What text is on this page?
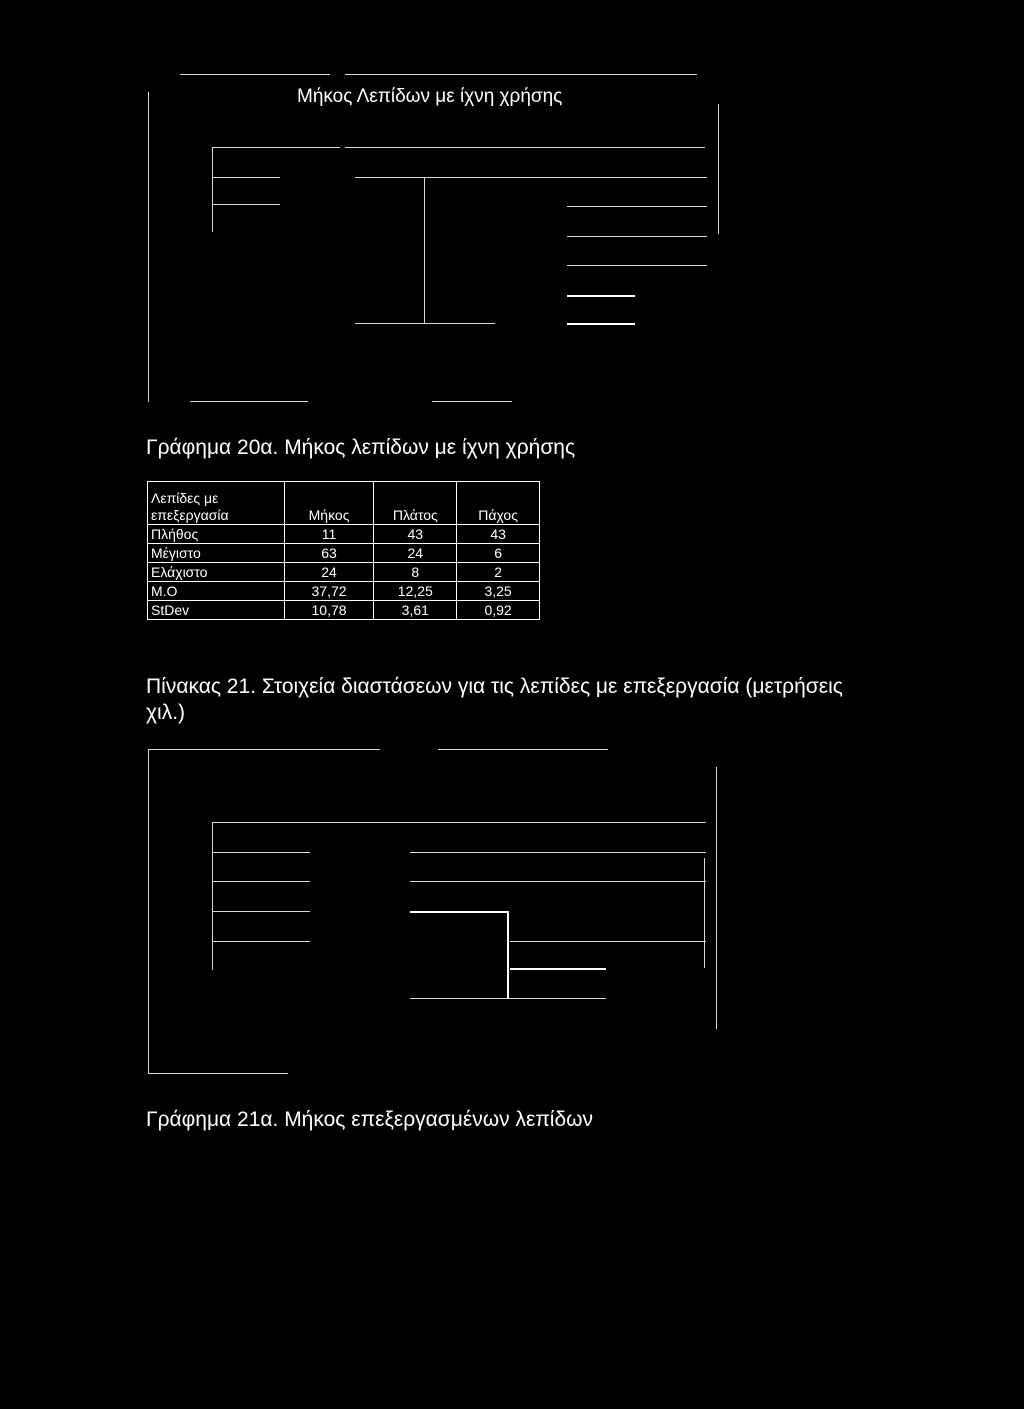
Μήκος Λεπίδων με ίχνη χρήσης
Γράφημα 20α. Μήκος λεπίδων με ίχνη χρήσης
Λεπίδες με επεξεργασία	Μήκος	Πλάτος	Πάχος
Πλήθος	11	43	43
Μέγιστο	63	24	6
Ελάχιστο	24	8	2
Μ.Ο	37,72	12,25	3,25
StDev	10,78	3,61	0,92
Πίνακας 21. Στοιχεία διαστάσεων για τις λεπίδες με επεξεργασία (μετρήσεις χιλ.)
Γράφημα 21α. Μήκος επεξεργασμένων λεπίδων
